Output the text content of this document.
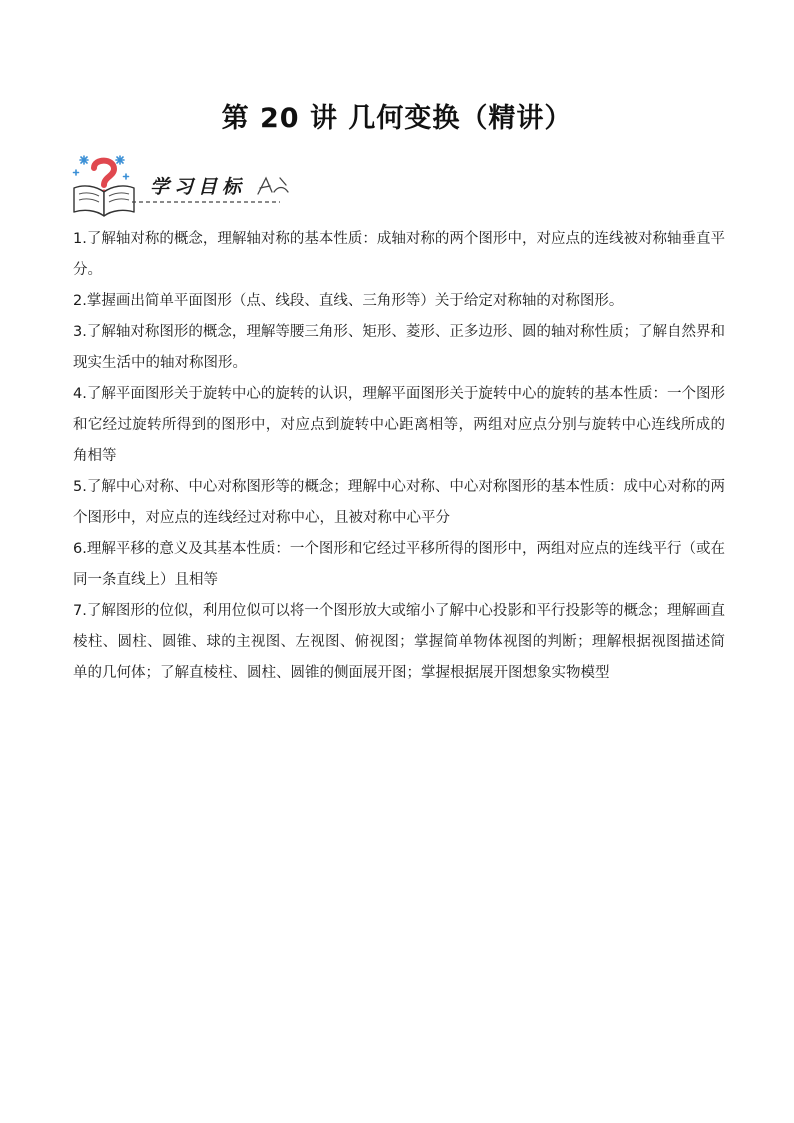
第 20 讲 几何变换（精讲）
学习目标

1.了解轴对称的概念，理解轴对称的基本性质：成轴对称的两个图形中，对应点的连线被对称轴垂直平分。

2.掌握画出简单平面图形（点、线段、直线、三角形等）关于给定对称轴的对称图形。

3.了解轴对称图形的概念，理解等腰三角形、矩形、菱形、正多边形、圆的轴对称性质；了解自然界和现实生活中的轴对称图形。

4.了解平面图形关于旋转中心的旋转的认识，理解平面图形关于旋转中心的旋转的基本性质：一个图形和它经过旋转所得到的图形中，对应点到旋转中心距离相等，两组对应点分别与旋转中心连线所成的角相等

5.了解中心对称、中心对称图形等的概念；理解中心对称、中心对称图形的基本性质：成中心对称的两个图形中，对应点的连线经过对称中心，且被对称中心平分

6.理解平移的意义及其基本性质：一个图形和它经过平移所得的图形中，两组对应点的连线平行（或在同一条直线上）且相等

7.了解图形的位似，利用位似可以将一个图形放大或缩小了解中心投影和平行投影等的概念；理解画直棱柱、圆柱、圆锥、球的主视图、左视图、俯视图；掌握简单物体视图的判断；理解根据视图描述简单的几何体；了解直棱柱、圆柱、圆锥的侧面展开图；掌握根据展开图想象实物模型
